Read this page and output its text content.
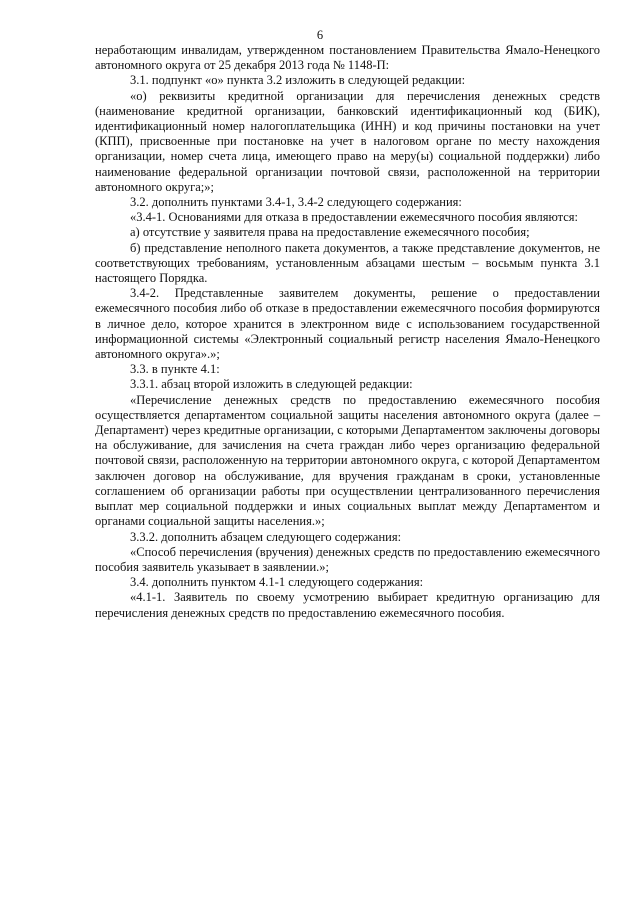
6

неработающим инвалидам, утвержденном постановлением Правительства Ямало-Ненецкого автономного округа от 25 декабря 2013 года № 1148-П:

3.1. подпункт «о» пункта 3.2 изложить в следующей редакции:

«о) реквизиты кредитной организации для перечисления денежных средств (наименование кредитной организации, банковский идентификационный код (БИК), идентификационный номер налогоплательщика (ИНН) и код причины постановки на учет (КПП), присвоенные при постановке на учет в налоговом органе по месту нахождения организации, номер счета лица, имеющего право на меру(ы) социальной поддержки) либо наименование федеральной организации почтовой связи, расположенной на территории автономного округа;»;

3.2. дополнить пунктами 3.4-1, 3.4-2 следующего содержания:

«3.4-1. Основаниями для отказа в предоставлении ежемесячного пособия являются:

а) отсутствие у заявителя права на предоставление ежемесячного пособия;

б) представление неполного пакета документов, а также представление документов, не соответствующих требованиям, установленным абзацами шестым – восьмым пункта 3.1 настоящего Порядка.

3.4-2. Представленные заявителем документы, решение о предоставлении ежемесячного пособия либо об отказе в предоставлении ежемесячного пособия формируются в личное дело, которое хранится в электронном виде с использованием государственной информационной системы «Электронный социальный регистр населения Ямало-Ненецкого автономного округа».»;

3.3. в пункте 4.1:

3.3.1. абзац второй изложить в следующей редакции:

«Перечисление денежных средств по предоставлению ежемесячного пособия осуществляется департаментом социальной защиты населения автономного округа (далее – Департамент) через кредитные организации, с которыми Департаментом заключены договоры на обслуживание, для зачисления на счета граждан либо через организацию федеральной почтовой связи, расположенную на территории автономного округа, с которой Департаментом заключен договор на обслуживание, для вручения гражданам в сроки, установленные соглашением об организации работы при осуществлении централизованного перечисления выплат мер социальной поддержки и иных социальных выплат между Департаментом и органами социальной защиты населения.»;

3.3.2. дополнить абзацем следующего содержания:

«Способ перечисления (вручения) денежных средств по предоставлению ежемесячного пособия заявитель указывает в заявлении.»;

3.4. дополнить пунктом 4.1-1 следующего содержания:

«4.1-1. Заявитель по своему усмотрению выбирает кредитную организацию для перечисления денежных средств по предоставлению ежемесячного пособия.
